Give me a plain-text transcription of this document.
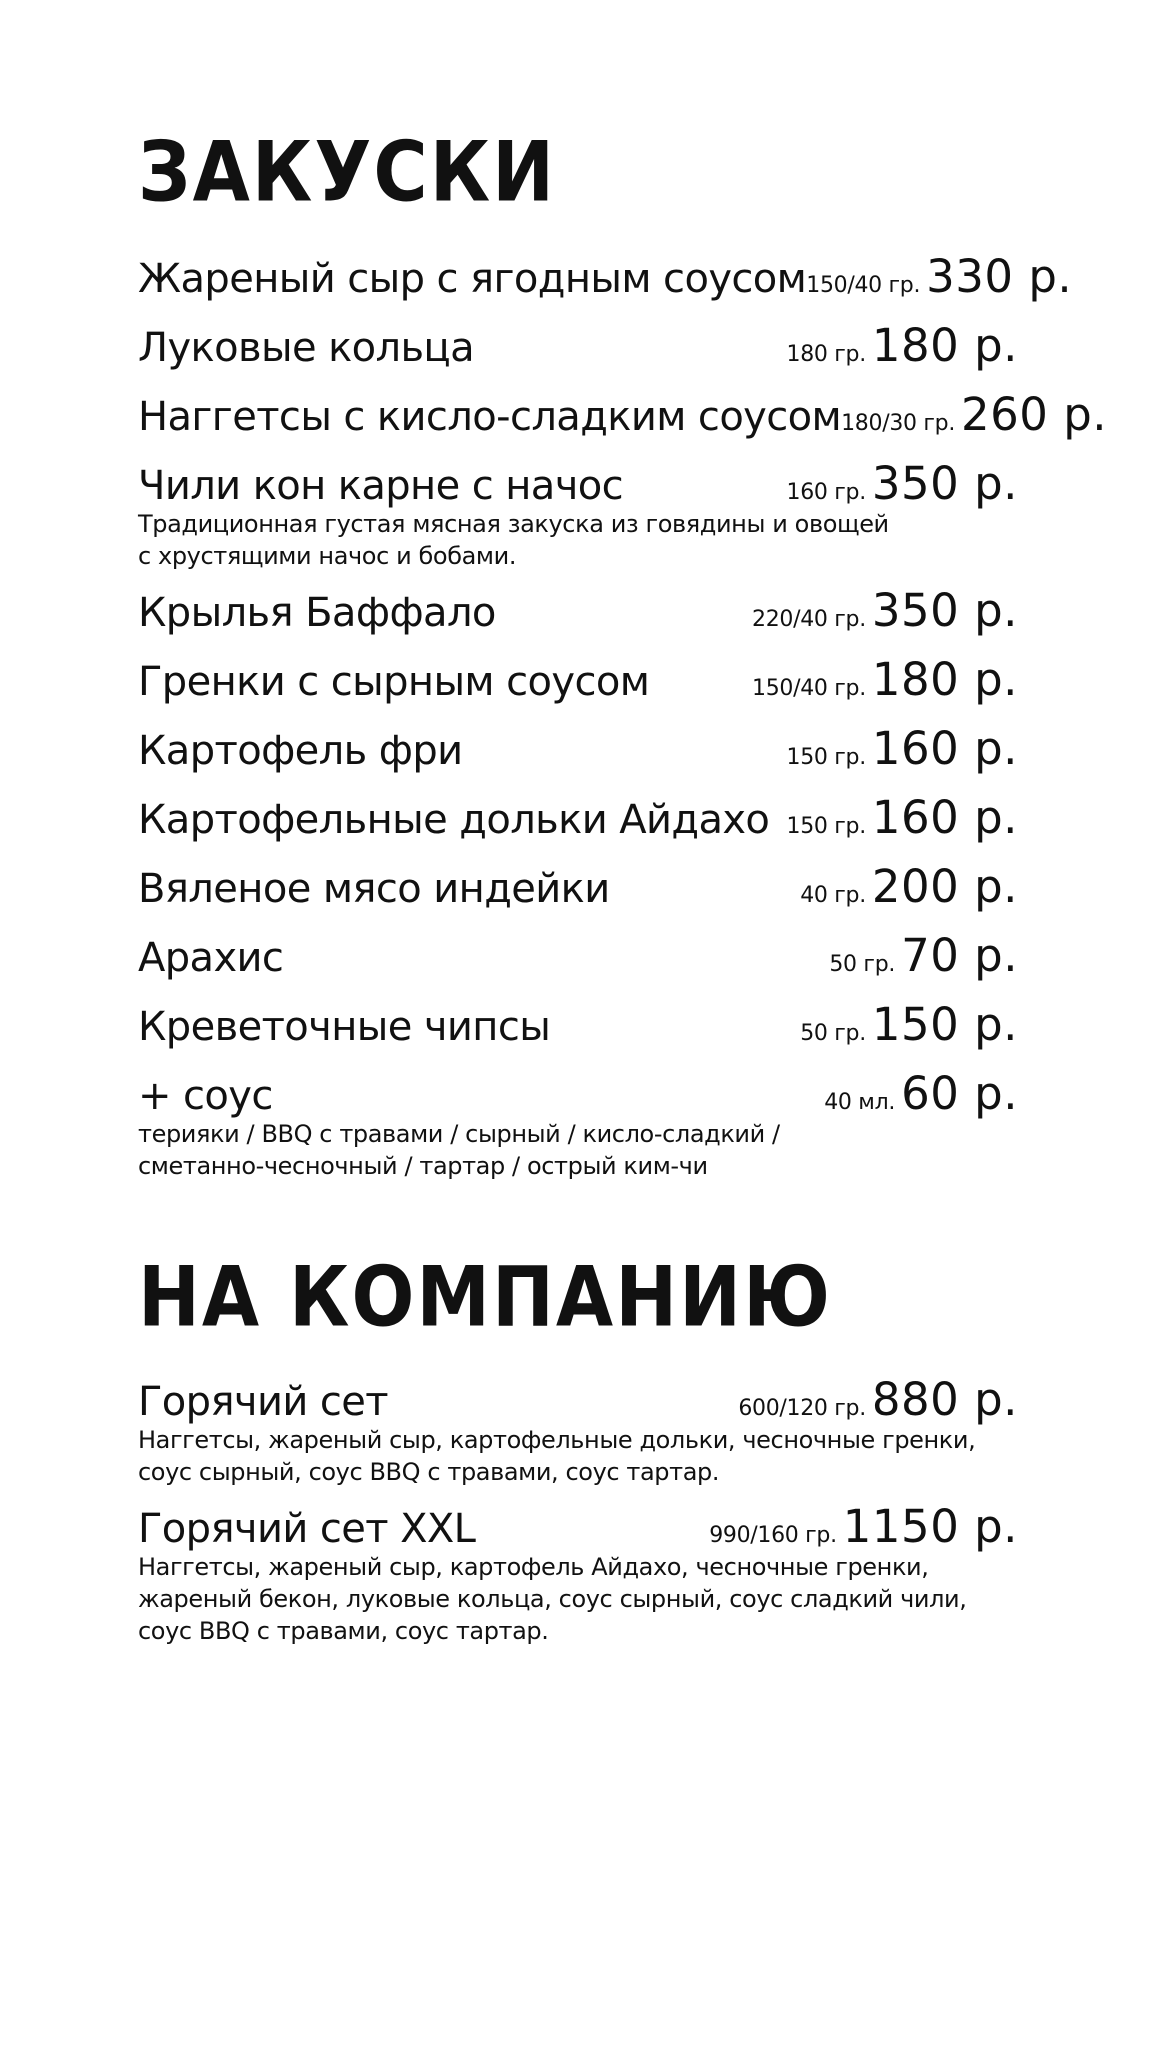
ЗАКУСКИ
Жареный сыр с ягодным соусом 150/40 гр. 330 р.
Луковые кольца	180 гр. 180 р.
Наггетсы с кисло-сладким соусом 180/30 гр. 260 р.
Чили кон карне с начос	160 гр. 350 р.
Традиционная густая мясная закуска из говядины и овощей
с хрустящими начос и бобами.
Крылья Баффало	220/40 гр. 350 р.
Гренки с сырным соусом	150/40 гр. 180 р.
Картофель фри	150 гр. 160 р.
Картофельные дольки Айдахо 150 гр. 160 р.
Вяленое мясо индейки	40 гр. 200 р.
Арахис	50 гр. 70 р.
Креветочные чипсы	50 гр. 150 р.
+ соус	40 мл. 60 р.
терияки / BBQ с травами / сырный / кисло-сладкий /
сметанно-чесночный / тартар / острый ким-чи
НА КОМПАНИЮ
Горячий сет	600/120 гр. 880 р.
Наггетсы, жареный сыр, картофельные дольки, чесночные гренки,
соус сырный, соус BBQ с травами, соус тартар.
Горячий сет XXL	990/160 гр. 1150 р.
Наггетсы, жареный сыр, картофель Айдахо, чесночные гренки,
жареный бекон, луковые кольца, соус сырный, соус сладкий чили,
соус BBQ с травами, соус тартар.
